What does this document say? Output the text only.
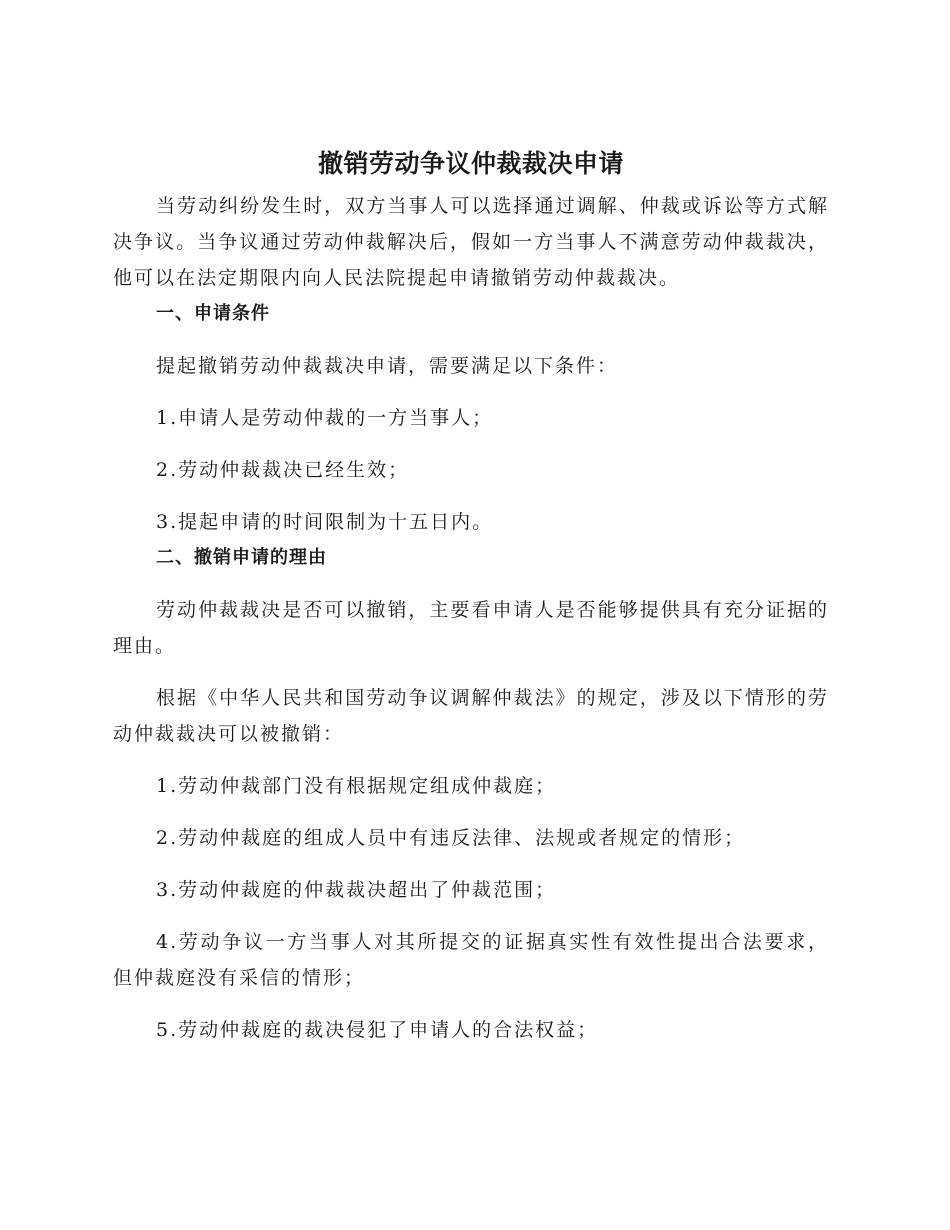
撤销劳动争议仲裁裁决申请

当劳动纠纷发生时，双方当事人可以选择通过调解、仲裁或诉讼等方式解决争议。当争议通过劳动仲裁解决后，假如一方当事人不满意劳动仲裁裁决，他可以在法定期限内向人民法院提起申请撤销劳动仲裁裁决。

一、申请条件

提起撤销劳动仲裁裁决申请，需要满足以下条件：

1.申请人是劳动仲裁的一方当事人；

2.劳动仲裁裁决已经生效；

3.提起申请的时间限制为十五日内。

二、撤销申请的理由

劳动仲裁裁决是否可以撤销，主要看申请人是否能够提供具有充分证据的理由。

根据《中华人民共和国劳动争议调解仲裁法》的规定，涉及以下情形的劳动仲裁裁决可以被撤销：

1.劳动仲裁部门没有根据规定组成仲裁庭；

2.劳动仲裁庭的组成人员中有违反法律、法规或者规定的情形；

3.劳动仲裁庭的仲裁裁决超出了仲裁范围；

4.劳动争议一方当事人对其所提交的证据真实性有效性提出合法要求，但仲裁庭没有采信的情形；

5.劳动仲裁庭的裁决侵犯了申请人的合法权益；
